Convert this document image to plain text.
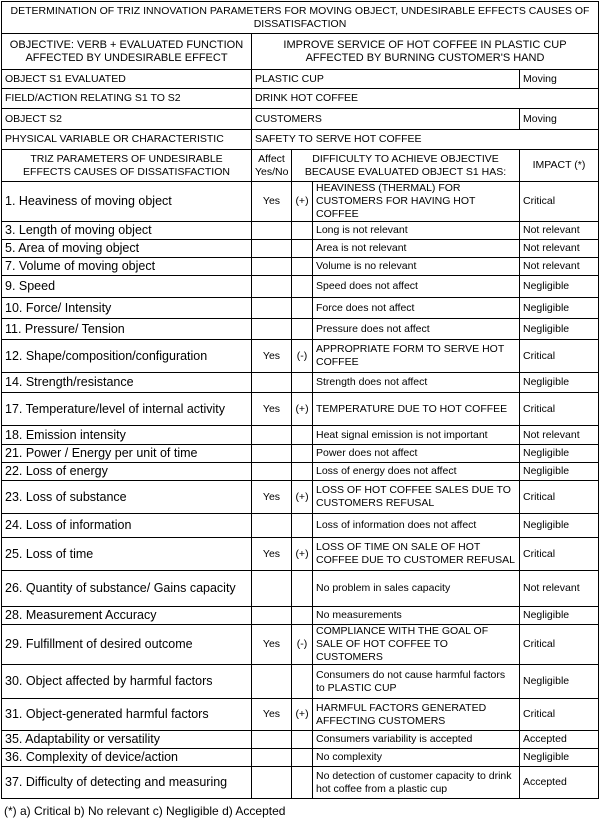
DETERMINATION OF TRIZ INNOVATION PARAMETERS FOR MOVING OBJECT, UNDESIRABLE EFFECTS CAUSES OF DISSATISFACTION				
OBJECTIVE: VERB + EVALUATED FUNCTION AFFECTED BY UNDESIRABLE EFFECT	IMPROVE SERVICE OF HOT COFFEE IN PLASTIC CUP AFFECTED BY BURNING CUSTOMER'S HAND			
OBJECT S1 EVALUATED	PLASTIC CUP			Moving
FIELD/ACTION RELATING S1 TO S2	DRINK HOT COFFEE			
OBJECT S2	CUSTOMERS			Moving
PHYSICAL VARIABLE OR CHARACTERISTIC	SAFETY TO SERVE HOT COFFEE			
TRIZ PARAMETERS OF UNDESIRABLE EFFECTS CAUSES OF DISSATISFACTION	Affect Yes/No	DIFFICULTY TO ACHIEVE OBJECTIVE BECAUSE EVALUATED OBJECT S1 HAS:		IMPACT (*)
1. Heaviness of moving object	Yes	(+)	HEAVINESS (THERMAL) FOR CUSTOMERS FOR HAVING HOT COFFEE	Critical
3. Length of moving object			Long is not relevant	Not relevant
5. Area of moving object			Area is not relevant	Not relevant
7. Volume of moving object			Volume is no relevant	Not relevant
9. Speed			Speed does not affect	Negligible
10. Force/ Intensity			Force does not affect	Negligible
11. Pressure/ Tension			Pressure does not affect	Negligible
12. Shape/composition/configuration	Yes	(-)	APPROPRIATE FORM TO SERVE HOT COFFEE	Critical
14. Strength/resistance			Strength does not affect	Negligible
17. Temperature/level of internal activity	Yes	(+)	TEMPERATURE DUE TO HOT COFFEE	Critical
18. Emission intensity			Heat signal emission is not important	Not relevant
21. Power / Energy per unit of time			Power does not affect	Negligible
22. Loss of energy			Loss of energy does not affect	Negligible
23. Loss of substance	Yes	(+)	LOSS OF HOT COFFEE SALES DUE TO CUSTOMERS REFUSAL	Critical
24. Loss of information			Loss of information does not affect	Negligible
25. Loss of time	Yes	(+)	LOSS OF TIME ON SALE OF HOT COFFEE DUE TO CUSTOMER REFUSAL	Critical
26. Quantity of substance/ Gains capacity			No problem in sales capacity	Not relevant
28. Measurement Accuracy			No measurements	Negligible
29. Fulfillment of desired outcome	Yes	(-)	COMPLIANCE WITH THE GOAL OF SALE OF HOT COFFEE TO CUSTOMERS	Critical
30. Object affected by harmful factors			Consumers do not cause harmful factors to PLASTIC CUP	Negligible
31. Object-generated harmful factors	Yes	(+)	HARMFUL FACTORS GENERATED AFFECTING CUSTOMERS	Critical
35. Adaptability or versatility			Consumers variability is accepted	Accepted
36. Complexity of device/action			No complexity	Negligible
37. Difficulty of detecting and measuring			No detection of customer capacity to drink hot coffee from a plastic cup	Accepted
(*) a) Critical b) No relevant c) Negligible d) Accepted
